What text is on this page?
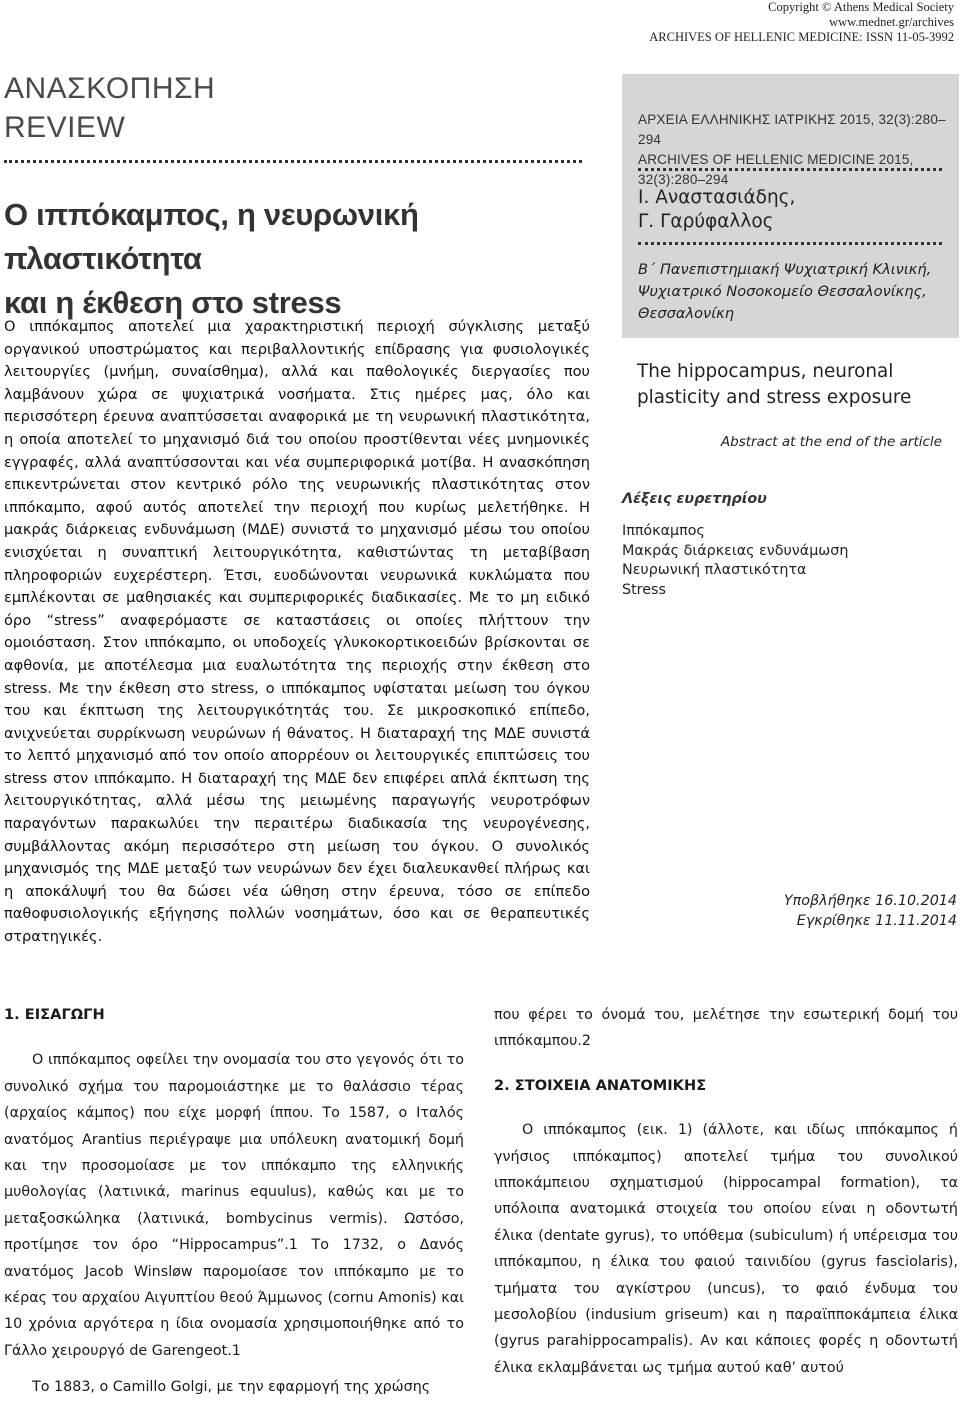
Copyright © Athens Medical Society
www.mednet.gr/archives
ARCHIVES OF HELLENIC MEDICINE: ISSN 11-05-3992
ΑΝΑΣΚΟΠΗΣΗ
REVIEW
Ο ιππόκαμπος, η νευρωνική πλαστικότητα
και η έκθεση στο stress
Ο ιππόκαμπος αποτελεί μια χαρακτηριστική περιοχή σύγκλισης μεταξύ οργανικού υποστρώματος και περιβαλλοντικής επίδρασης για φυσιολογικές λειτουργίες (μνήμη, συναίσθημα), αλλά και παθολογικές διεργασίες που λαμβάνουν χώρα σε ψυχιατρικά νοσήματα. Στις ημέρες μας, όλο και περισσότερη έρευνα αναπτύσσεται αναφορικά με τη νευρωνική πλαστικότητα, η οποία αποτελεί το μηχανισμό διά του οποίου προστίθενται νέες μνημονικές εγγραφές, αλλά αναπτύσσονται και νέα συμπεριφορικά μοτίβα. Η ανασκόπηση επικεντρώνεται στον κεντρικό ρόλο της νευρωνικής πλαστικότητας στον ιππόκαμπο, αφού αυτός αποτελεί την περιοχή που κυρίως μελετήθηκε. Η μακράς διάρκειας ενδυνάμωση (ΜΔΕ) συνιστά το μηχανισμό μέσω του οποίου ενισχύεται η συναπτική λειτουργικότητα, καθιστώντας τη μεταβίβαση πληροφοριών ευχερέστερη. Έτσι, ευοδώνονται νευρωνικά κυκλώματα που εμπλέκονται σε μαθησιακές και συμπεριφορικές διαδικασίες. Με το μη ειδικό όρο “stress” αναφερόμαστε σε καταστάσεις οι οποίες πλήττουν την ομοιόσταση. Στον ιππόκαμπο, οι υποδοχείς γλυκοκορτικοειδών βρίσκονται σε αφθονία, με αποτέλεσμα μια ευαλωτότητα της περιοχής στην έκθεση στο stress. Με την έκθεση στο stress, ο ιππόκαμπος υφίσταται μείωση του όγκου του και έκπτωση της λειτουργικότητάς του. Σε μικροσκοπικό επίπεδο, ανιχνεύεται συρρίκνωση νευρώνων ή θάνατος. Η διαταραχή της ΜΔΕ συνιστά το λεπτό μηχανισμό από τον οποίο απορρέουν οι λειτουργικές επιπτώσεις του stress στον ιππόκαμπο. Η διαταραχή της ΜΔΕ δεν επιφέρει απλά έκπτωση της λειτουργικότητας, αλλά μέσω της μειωμένης παραγωγής νευροτρόφων παραγόντων παρακωλύει την περαιτέρω διαδικασία της νευρογένεσης, συμβάλλοντας ακόμη περισσότερο στη μείωση του όγκου. Ο συνολικός μηχανισμός της ΜΔΕ μεταξύ των νευρώνων δεν έχει διαλευκανθεί πλήρως και η αποκάλυψή του θα δώσει νέα ώθηση στην έρευνα, τόσο σε επίπεδο παθοφυσιολογικής εξήγησης πολλών νοσημάτων, όσο και σε θεραπευτικές στρατηγικές.
ΑΡΧΕΙΑ ΕΛΛΗΝΙΚΗΣ ΙΑΤΡΙΚΗΣ 2015, 32(3):280–294
ARCHIVES OF HELLENIC MEDICINE 2015, 32(3):280–294
Ι. Αναστασιάδης,
Γ. Γαρύφαλλος
Β΄ Πανεπιστημιακή Ψυχιατρική Κλινική, Ψυχιατρικό Νοσοκομείο Θεσσαλονίκης, Θεσσαλονίκη
The hippocampus, neuronal plasticity and stress exposure
Abstract at the end of the article
Λέξεις ευρετηρίου
Ιππόκαμπος
Μακράς διάρκειας ενδυνάμωση
Νευρωνική πλαστικότητα
Stress
Υποβλήθηκε 16.10.2014
Εγκρίθηκε 11.11.2014
1. ΕΙΣΑΓΩΓΗ

Ο ιππόκαμπος οφείλει την ονομασία του στο γεγονός ότι το συνολικό σχήμα του παρομοιάστηκε με το θαλάσσιο τέρας (αρχαίος κάμπος) που είχε μορφή ίππου. Το 1587, ο Ιταλός ανατόμος Arantius περιέγραψε μια υπόλευκη ανατομική δομή και την προσομοίασε με τον ιππόκαμπο της ελληνικής μυθολογίας (λατινικά, marinus equulus), καθώς και με το μεταξοσκώληκα (λατινικά, bombycinus vermis). Ωστόσο, προτίμησε τον όρο “Hippocampus”.1 Το 1732, ο Δανός ανατόμος Jacob Winsløw παρομοίασε τον ιππόκαμπο με το κέρας του αρχαίου Αιγυπτίου θεού Άμμωνος (cornu Amonis) και 10 χρόνια αργότερα η ίδια ονομασία χρησιμοποιήθηκε από το Γάλλο χειρουργό de Garengeot.1

Το 1883, ο Camillo Golgi, με την εφαρμογή της χρώσης

που φέρει το όνομά του, μελέτησε την εσωτερική δομή του ιππόκαμπου.2

2. ΣΤΟΙΧΕΙΑ ΑΝΑΤΟΜΙΚΗΣ

Ο ιππόκαμπος (εικ. 1) (άλλοτε, και ιδίως ιππόκαμπος ή γνήσιος ιππόκαμπος) αποτελεί τμήμα του συνολικού ιπποκάμπειου σχηματισμού (hippocampal formation), τα υπόλοιπα ανατομικά στοιχεία του οποίου είναι η οδοντωτή έλικα (dentate gyrus), το υπόθεμα (subiculum) ή υπέρεισμα του ιππόκαμπου, η έλικα του φαιού ταινιδίου (gyrus fasciolaris), τμήματα του αγκίστρου (uncus), το φαιό ένδυμα του μεσολοβίου (indusium griseum) και η παραϊπποκάμπεια έλικα (gyrus parahippocampalis). Αν και κάποιες φορές η οδοντωτή έλικα εκλαμβάνεται ως τμήμα αυτού καθ’ αυτού
